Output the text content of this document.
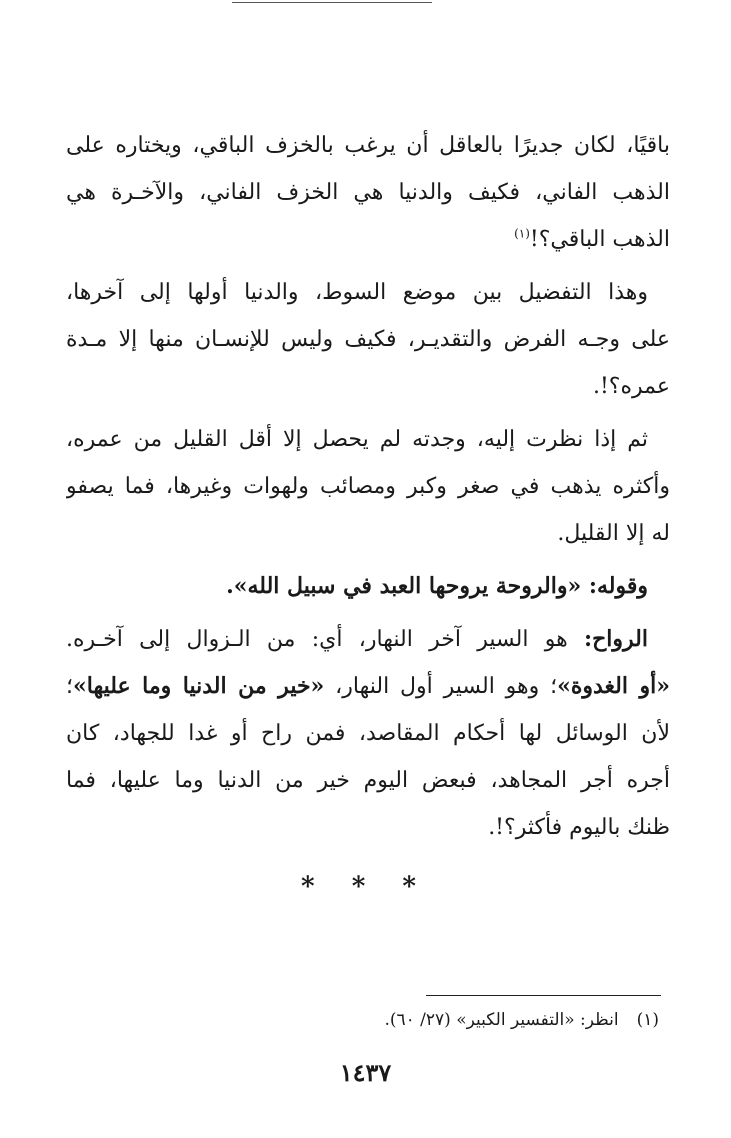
باقيًا، لكان جديرًا بالعاقل أن يرغب بالخزف الباقي، ويختاره على
الذهب الفاني، فكيف والدنيا هي الخزف الفاني، والآخـرة هي
الذهب الباقي؟!$^{(١)}$
وهذا التفضيل بين موضع السوط، والدنيا أولها إلى آخرها،
على وجـه الفرض والتقديـر، فكيف وليس للإنسـان منها إلا مـدة
عمره؟!.
ثم إذا نظرت إليه، وجدته لم يحصل إلا أقل القليل من عمره،
وأكثره يذهب في صغر وكبر ومصائب ولهوات وغيرها، فما يصفو
له إلا القليل.
وقوله: «والروحة يروحها العبد في سبيل الله».
الرواح: هو السير آخر النهار، أي: من الـزوال إلى آخـره.
«أو الغدوة»؛ وهو السير أول النهار، «خير من الدنيا وما عليها»؛
لأن الوسائل لها أحكام المقاصد، فمن راح أو غدا للجهاد، كان
أجره أجر المجاهد، فبعض اليوم خير من الدنيا وما عليها، فما
ظنك باليوم فأكثر؟!.
* * *
(١)انظر: «التفسير الكبير» (٢٧/ ٦٠).
١٤٣٧
